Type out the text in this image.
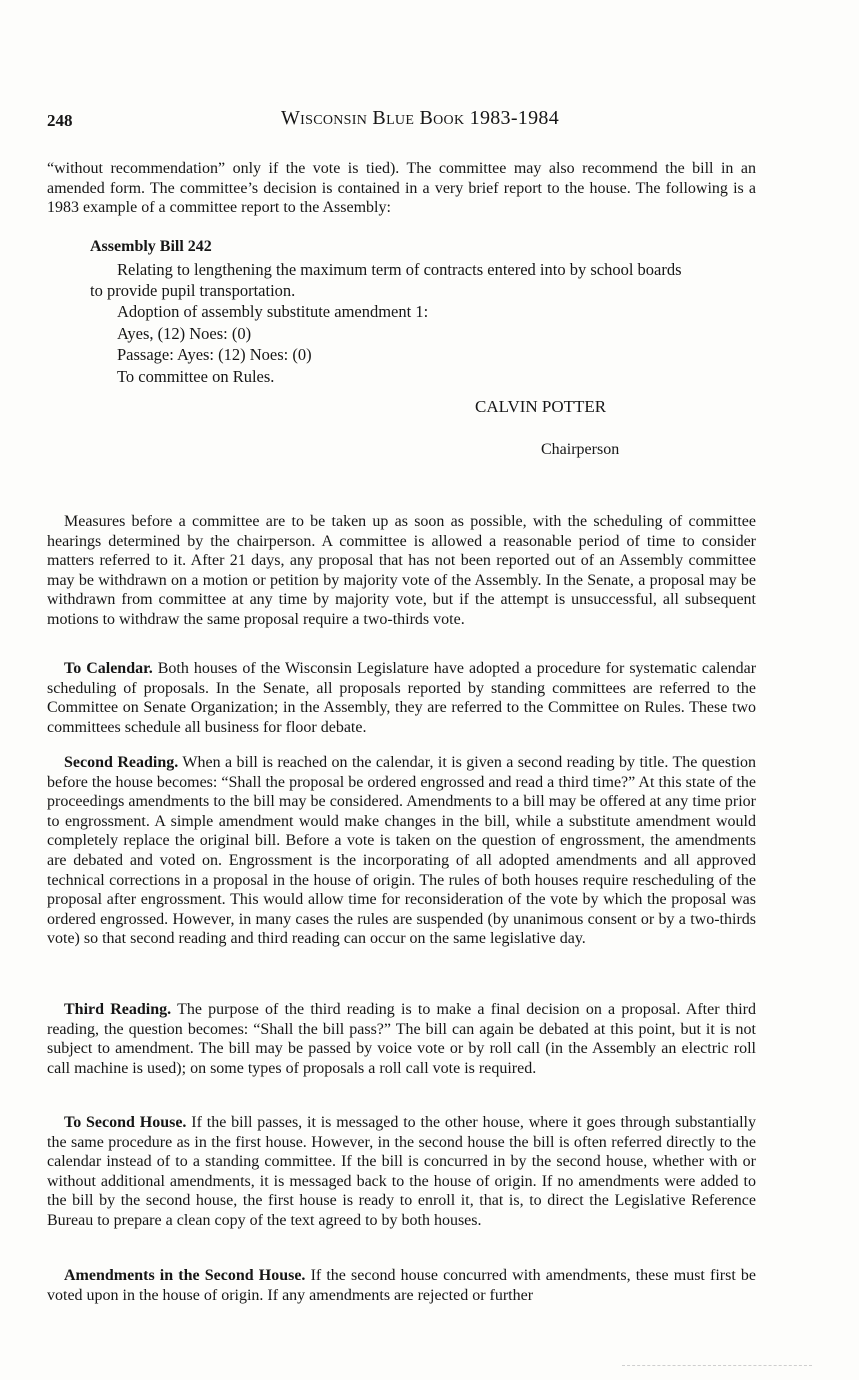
248	Wisconsin Blue Book 1983-1984

“without recommendation” only if the vote is tied). The committee may also recommend the bill in an amended form. The committee’s decision is contained in a very brief report to the house. The following is a 1983 example of a committee report to the Assembly:

Assembly Bill 242

Relating to lengthening the maximum term of contracts entered into by school boards to provide pupil transportation.

Adoption of assembly substitute amendment 1:

Ayes, (12) Noes: (0)

Passage: Ayes: (12) Noes: (0)

To committee on Rules.

CALVIN POTTER
Chairperson

Measures before a committee are to be taken up as soon as possible, with the scheduling of committee hearings determined by the chairperson. A committee is allowed a reasonable period of time to consider matters referred to it. After 21 days, any proposal that has not been reported out of an Assembly committee may be withdrawn on a motion or petition by majority vote of the Assembly. In the Senate, a proposal may be withdrawn from committee at any time by majority vote, but if the attempt is unsuccessful, all subsequent motions to withdraw the same proposal require a two-thirds vote.

To Calendar. Both houses of the Wisconsin Legislature have adopted a procedure for systematic calendar scheduling of proposals. In the Senate, all proposals reported by standing committees are referred to the Committee on Senate Organization; in the Assembly, they are referred to the Committee on Rules. These two committees schedule all business for floor debate.

Second Reading. When a bill is reached on the calendar, it is given a second reading by title. The question before the house becomes: “Shall the proposal be ordered engrossed and read a third time?” At this state of the proceedings amendments to the bill may be considered. Amendments to a bill may be offered at any time prior to engrossment. A simple amendment would make changes in the bill, while a substitute amendment would completely replace the original bill. Before a vote is taken on the question of engrossment, the amendments are debated and voted on. Engrossment is the incorporating of all adopted amendments and all approved technical corrections in a proposal in the house of origin. The rules of both houses require rescheduling of the proposal after engrossment. This would allow time for reconsideration of the vote by which the proposal was ordered engrossed. However, in many cases the rules are suspended (by unanimous consent or by a two-thirds vote) so that second reading and third reading can occur on the same legislative day.

Third Reading. The purpose of the third reading is to make a final decision on a proposal. After third reading, the question becomes: “Shall the bill pass?” The bill can again be debated at this point, but it is not subject to amendment. The bill may be passed by voice vote or by roll call (in the Assembly an electric roll call machine is used); on some types of proposals a roll call vote is required.

To Second House. If the bill passes, it is messaged to the other house, where it goes through substantially the same procedure as in the first house. However, in the second house the bill is often referred directly to the calendar instead of to a standing committee. If the bill is concurred in by the second house, whether with or without additional amendments, it is messaged back to the house of origin. If no amendments were added to the bill by the second house, the first house is ready to enroll it, that is, to direct the Legislative Reference Bureau to prepare a clean copy of the text agreed to by both houses.

Amendments in the Second House. If the second house concurred with amendments, these must first be voted upon in the house of origin. If any amendments are rejected or further
